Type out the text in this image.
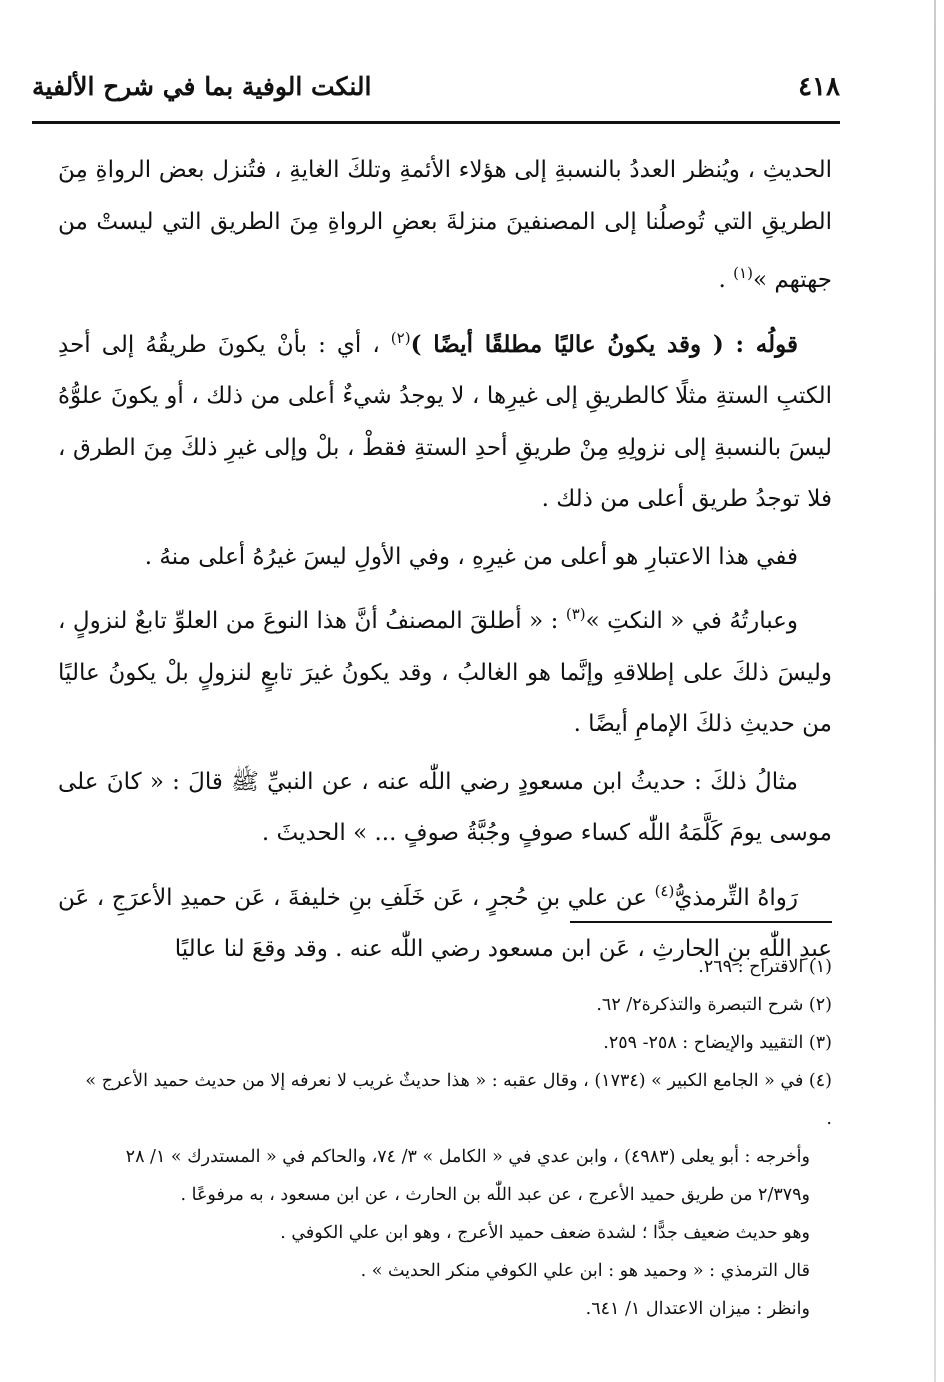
٤١٨
النكت الوفية بما في شرح الألفية

الحديثِ ، ويُنظر العددُ بالنسبةِ إلى هؤلاء الأئمةِ وتلكَ الغايةِ ، فتُنزل بعض الرواةِ مِنَ الطريقِ التي تُوصلُنا إلى المصنفينَ منزلةَ بعضِ الرواةِ مِنَ الطريق التي ليستْ من جهتهم »$^{(١)}$ .

قولُه : ( وقد يكونُ عاليًا مطلقًا أيضًا )$^{(٢)}$ ، أي : بأنْ يكونَ طريقُهُ إلى أحدِ الكتبِ الستةِ مثلًا كالطريقِ إلى غيرِها ، لا يوجدُ شيءٌ أعلى من ذلك ، أو يكونَ علوُّهُ ليسَ بالنسبةِ إلى نزولِهِ مِنْ طريقِ أحدِ الستةِ فقطْ ، بلْ وإلى غيرِ ذلكَ مِنَ الطرق ، فلا توجدُ طريق أعلى من ذلك .

ففي هذا الاعتبارِ هو أعلى من غيرِهِ ، وفي الأولِ ليسَ غيرُهُ أعلى منهُ .

وعبارتُهُ في « النكتِ »$^{(٣)}$ : « أطلقَ المصنفُ أنَّ هذا النوعَ من العلوِّ تابعٌ لنزولٍ ، وليسَ ذلكَ على إطلاقهِ وإنَّما هو الغالبُ ، وقد يكونُ غيرَ تابعٍ لنزولٍ بلْ يكونُ عاليًا من حديثِ ذلكَ الإمامِ أيضًا .

مثالُ ذلكَ : حديثُ ابن مسعودٍ رضي اللّٰه عنه ، عن النبيِّ ﷺ قالَ : « كانَ على موسى يومَ كَلَّمَهُ اللّٰه كساء صوفٍ وجُبَّةُ صوفٍ ... » الحديثَ .

رَواهُ التِّرمذيُّ$^{(٤)}$ عن علي بنِ حُجرٍ ، عَن خَلَفِ بنِ خليفةَ ، عَن حميدِ الأعرَجِ ، عَن عبدِ اللّٰهِ بنِ الحارثِ ، عَن ابن مسعود رضي اللّٰه عنه . وقد وقعَ لنا عاليًا

(١) الاقتراح : ٢٦٩.

(٢) شرح التبصرة والتذكرة٢/ ٦٢.

(٣) التقييد والإيضاح : ٢٥٨- ٢٥٩.

(٤) في « الجامع الكبير » (١٧٣٤) ، وقال عقبه : « هذا حديثٌ غريب لا نعرفه إلا من حديث حميد الأعرج » .

وأخرجه : أبو يعلى (٤٩٨٣) ، وابن عدي في « الكامل » ٣/ ٧٤، والحاكم في « المستدرك » ١/ ٢٨ و٢/٣٧٩ من طريق حميد الأعرج ، عن عبد اللّٰه بن الحارث ، عن ابن مسعود ، به مرفوعًا .

وهو حديث ضعيف جدًّا ؛ لشدة ضعف حميد الأعرج ، وهو ابن علي الكوفي .

قال الترمذي : « وحميد هو : ابن علي الكوفي منكر الحديث » .

وانظر : ميزان الاعتدال ١/ ٦٤١.
